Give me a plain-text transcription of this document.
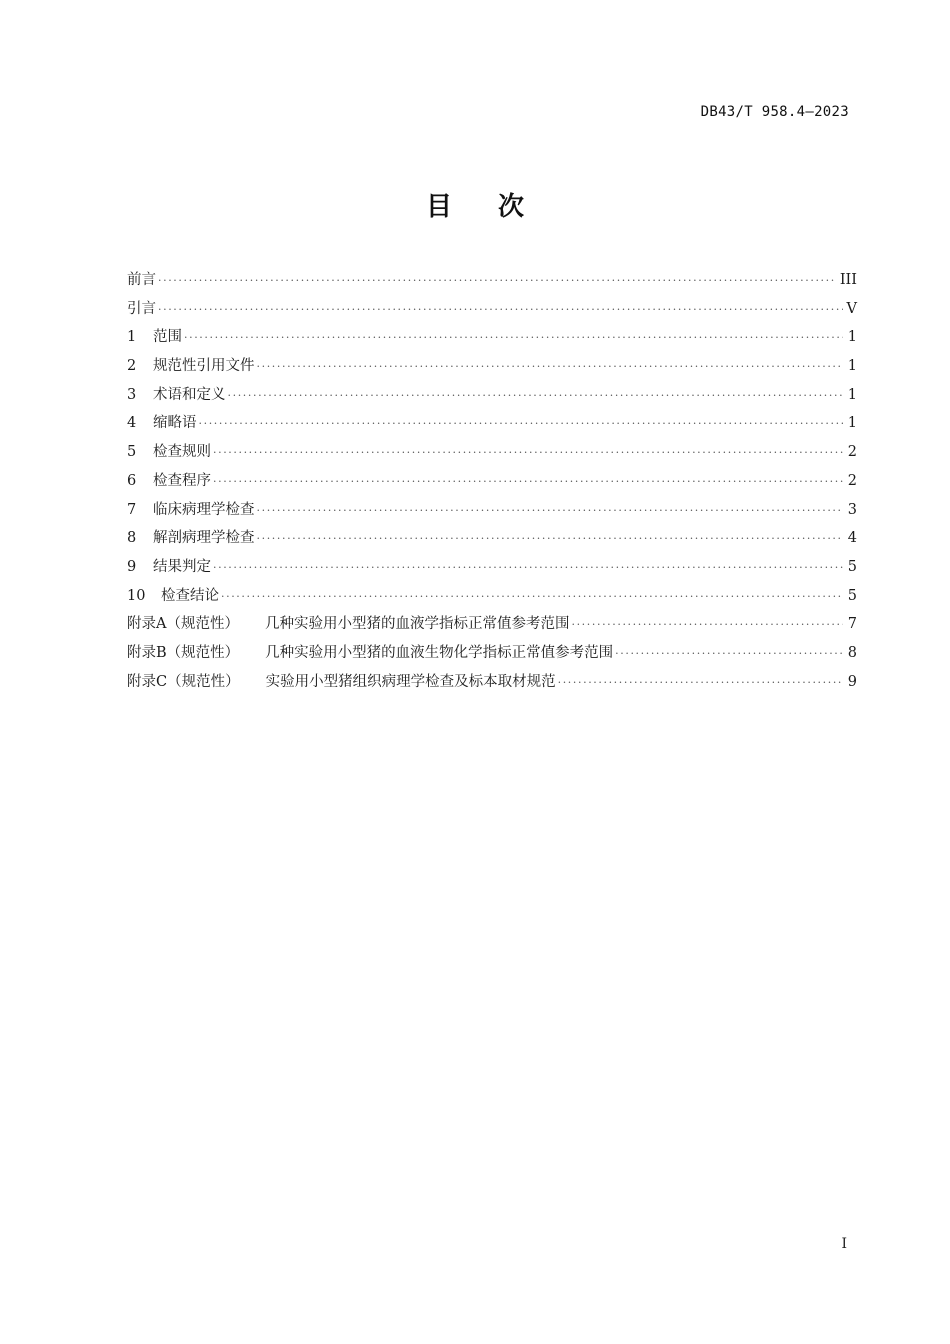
DB43/T 958.4—2023
目次
前言 ·····	III
引言 ·····	V
1 范围 ·····	1
2 规范性引用文件 ·····	1
3 术语和定义 ·····	1
4 缩略语 ·····	1
5 检查规则 ·····	2
6 检查程序 ·····	2
7 临床病理学检查 ·····	3
8 解剖病理学检查 ·····	4
9 结果判定 ·····	5
10 检查结论 ·····	5
附录A（规范性） 几种实验用小型猪的血液学指标正常值参考范围 ·····	7
附录B（规范性） 几种实验用小型猪的血液生物化学指标正常值参考范围 ·····	8
附录C（规范性） 实验用小型猪组织病理学检查及标本取材规范 ·····	9
I
